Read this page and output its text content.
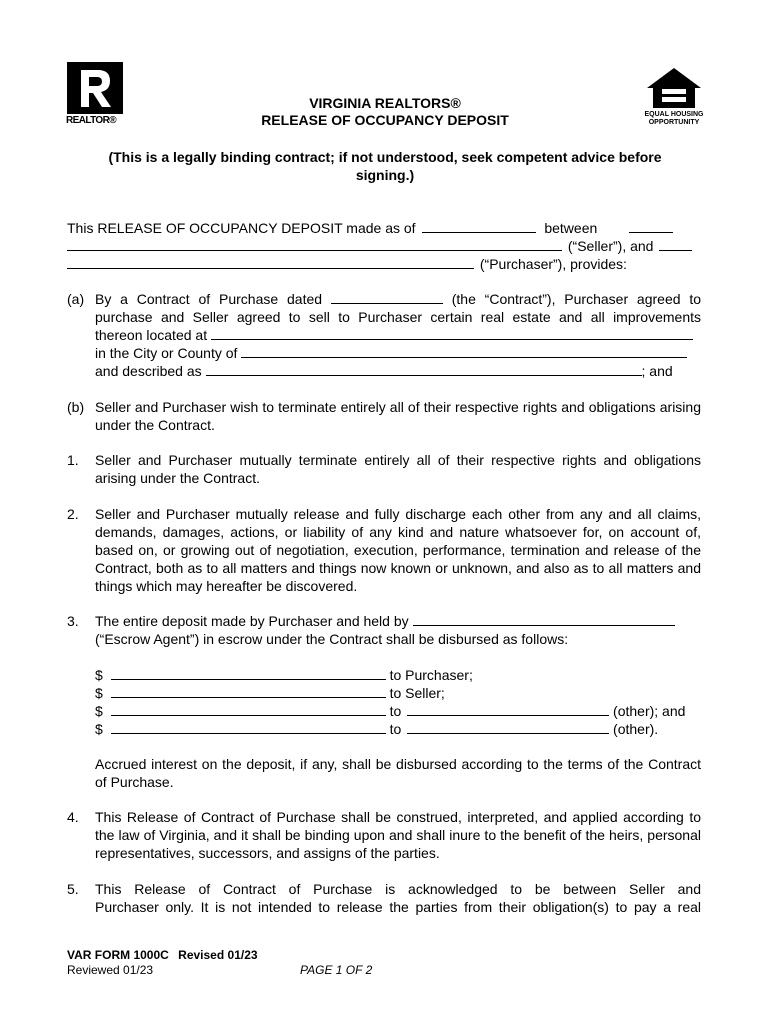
REALTOR®
EQUAL HOUSING
OPPORTUNITY
VIRGINIA REALTORS®
RELEASE OF OCCUPANCY DEPOSIT
(This is a legally binding contract; if not understood, seek competent advice before signing.)
This RELEASE OF OCCUPANCY DEPOSIT made as of	between
(“Seller”), and
(“Purchaser”), provides:
(a) By a Contract of Purchase dated	(the “Contract”), Purchaser agreed to
purchase and Seller agreed to sell to Purchaser certain real estate and all improvements
thereon located at
in the City or County of
and described as	; and
(b) Seller and Purchaser wish to terminate entirely all of their respective rights and obligations arising under the Contract.
1. Seller and Purchaser mutually terminate entirely all of their respective rights and obligations arising under the Contract.
2. Seller and Purchaser mutually release and fully discharge each other from any and all claims, demands, damages, actions, or liability of any kind and nature whatsoever for, on account of, based on, or growing out of negotiation, execution, performance, termination and release of the Contract, both as to all matters and things now known or unknown, and also as to all matters and things which may hereafter be discovered.
3. The entire deposit made by Purchaser and held by
(“Escrow Agent”) in escrow under the Contract shall be disbursed as follows:
$	to Purchaser;
$	to Seller;
$	to	(other); and
$	to	(other).
Accrued interest on the deposit, if any, shall be disbursed according to the terms of the Contract of Purchase.
4. This Release of Contract of Purchase shall be construed, interpreted, and applied according to the law of Virginia, and it shall be binding upon and shall inure to the benefit of the heirs, personal representatives, successors, and assigns of the parties.
5. This Release of Contract of Purchase is acknowledged to be between Seller and
Purchaser only. It is not intended to release the parties from their obligation(s) to pay a real
VAR FORM 1000C Revised 01/23
Reviewed 01/23	PAGE 1 OF 2
